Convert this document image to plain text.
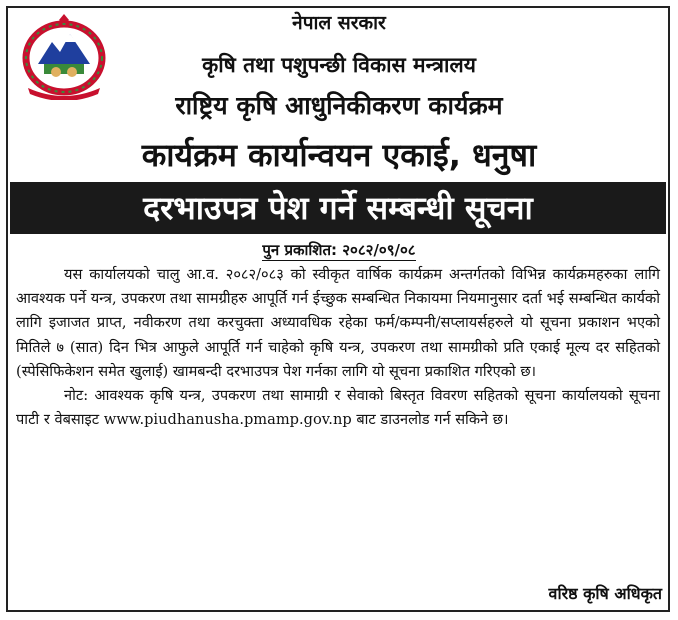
नेपाल सरकार
कृषि तथा पशुपन्छी विकास मन्त्रालय
राष्ट्रिय कृषि आधुनिकीकरण कार्यक्रम
कार्यक्रम कार्यान्वयन एकाई, धनुषा
दरभाउपत्र पेश गर्ने सम्बन्धी सूचना
पुन प्रकाशित: २०८२/०९/०८

यस कार्यालयको चालु आ.व. २०८२/०८३ को स्वीकृत वार्षिक कार्यक्रम अन्तर्गतको विभिन्न कार्यक्रमहरुका लागि आवश्यक पर्ने यन्त्र, उपकरण तथा सामग्रीहरु आपूर्ति गर्न ईच्छुक सम्बन्धित निकायमा नियमानुसार दर्ता भई सम्बन्धित कार्यको लागि इजाजत प्राप्त, नवीकरण तथा करचुक्ता अध्यावधिक रहेका फर्म/कम्पनी/सप्लायर्सहरुले यो सूचना प्रकाशन भएको मितिले ७ (सात) दिन भित्र आफुले आपूर्ति गर्न चाहेको कृषि यन्त्र, उपकरण तथा सामग्रीको प्रति एकाई मूल्य दर सहितको (स्पेसिफिकेशन समेत खुलाई) खामबन्दी दरभाउपत्र पेश गर्नका लागि यो सूचना प्रकाशित गरिएको छ।

नोट: आवश्यक कृषि यन्त्र, उपकरण तथा सामाग्री र सेवाको बिस्तृत विवरण सहितको सूचना कार्यालयको सूचना पाटी र वेबसाइट www.piudhanusha.pmamp.gov.np बाट डाउनलोड गर्न सकिने छ।

वरिष्ठ कृषि अधिकृत
